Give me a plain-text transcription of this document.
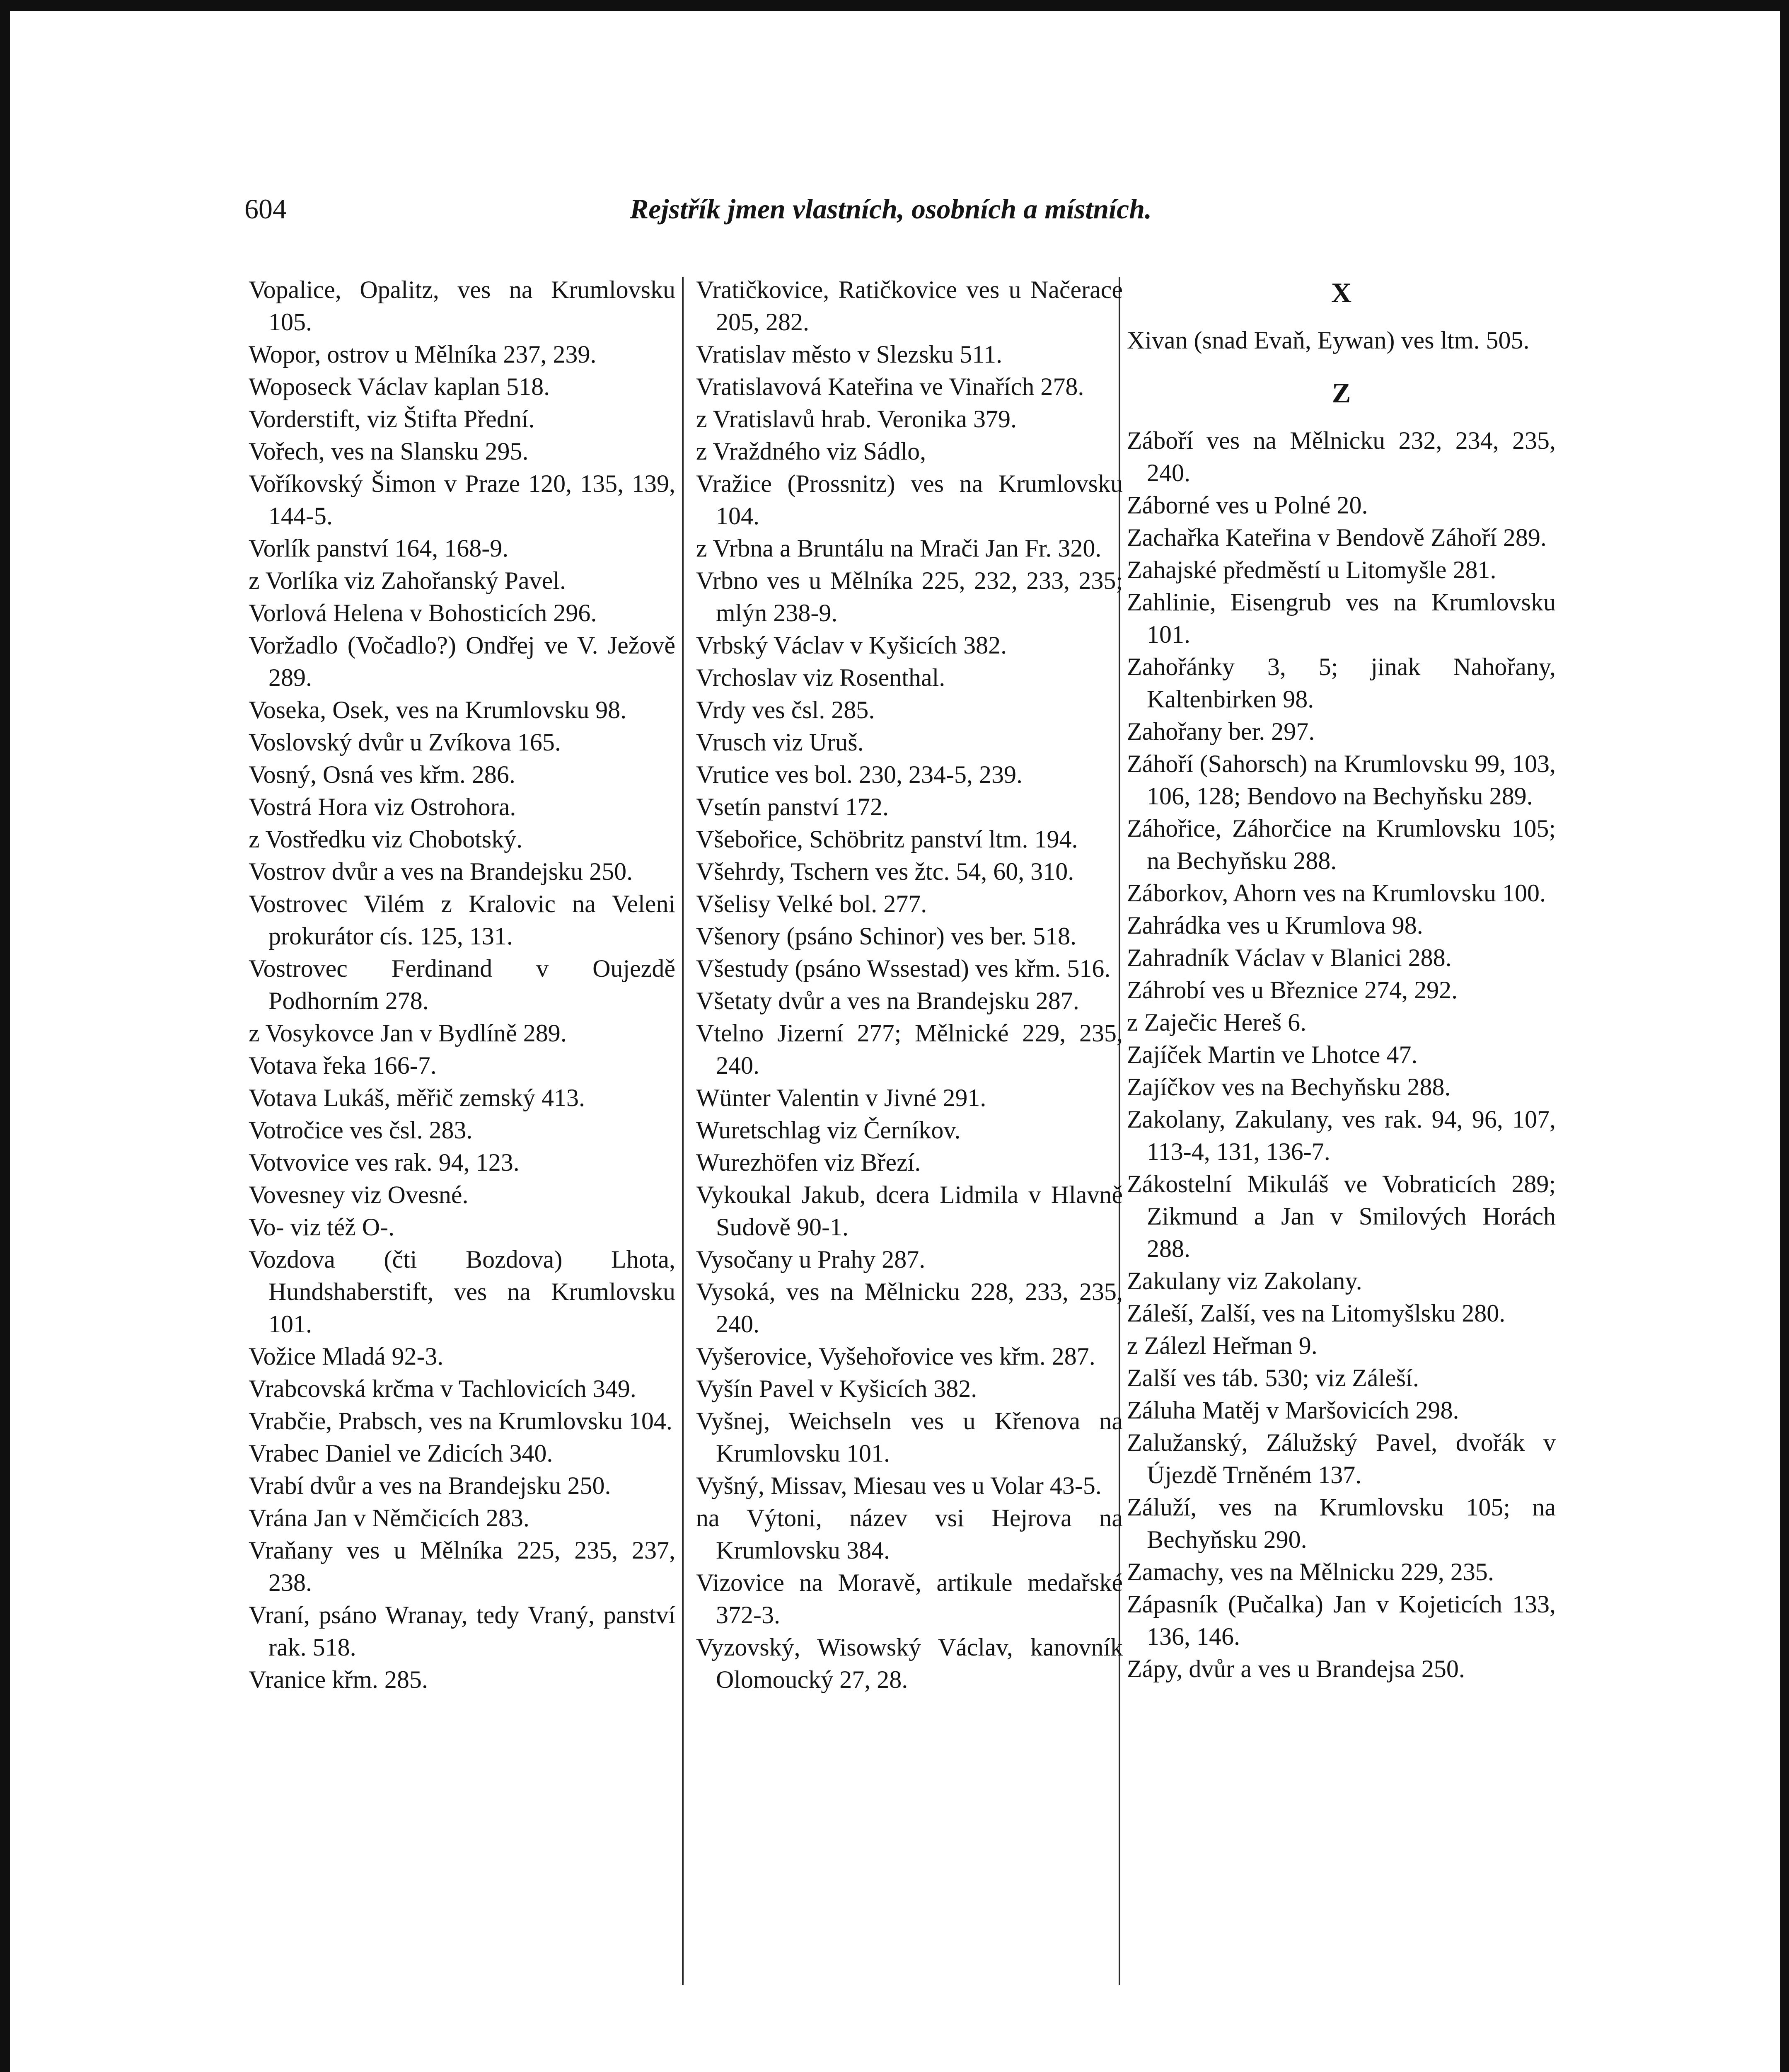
604	Rejstřík jmen vlastních, osobních a místních.

Vopalice, Opalitz, ves na Krumlovsku 105.

Wopor, ostrov u Mělníka 237, 239.

Woposeck Václav kaplan 518.

Vorderstift, viz Štifta Přední.

Vořech, ves na Slansku 295.

Voříkovský Šimon v Praze 120, 135, 139, 144-5.

Vorlík panství 164, 168-9.

z Vorlíka viz Zahořanský Pavel.

Vorlová Helena v Bohosticích 296.

Voržadlo (Vočadlo?) Ondřej ve V. Ježově 289.

Voseka, Osek, ves na Krumlovsku 98.

Voslovský dvůr u Zvíkova 165.

Vosný, Osná ves křm. 286.

Vostrá Hora viz Ostrohora.

z Vostředku viz Chobotský.

Vostrov dvůr a ves na Brandejsku 250.

Vostrovec Vilém z Kralovic na Veleni prokurátor cís. 125, 131.

Vostrovec Ferdinand v Oujezdě Podhorním 278.

z Vosykovce Jan v Bydlíně 289.

Votava řeka 166-7.

Votava Lukáš, měřič zemský 413.

Votročice ves čsl. 283.

Votvovice ves rak. 94, 123.

Vovesney viz Ovesné.

Vo- viz též O-.

Vozdova (čti Bozdova) Lhota, Hundshaberstift, ves na Krumlovsku 101.

Vožice Mladá 92-3.

Vrabcovská krčma v Tachlovicích 349.

Vrabčie, Prabsch, ves na Krumlovsku 104.

Vrabec Daniel ve Zdicích 340.

Vrabí dvůr a ves na Brandejsku 250.

Vrána Jan v Němčicích 283.

Vraňany ves u Mělníka 225, 235, 237, 238.

Vraní, psáno Wranay, tedy Vraný, panství rak. 518.

Vranice křm. 285.

Vratičkovice, Ratičkovice ves u Načerace 205, 282.

Vratislav město v Slezsku 511.

Vratislavová Kateřina ve Vinařích 278.

z Vratislavů hrab. Veronika 379.

z Vraždného viz Sádlo,

Vražice (Prossnitz) ves na Krumlovsku 104.

z Vrbna a Bruntálu na Mrači Jan Fr. 320.

Vrbno ves u Mělníka 225, 232, 233, 235; mlýn 238-9.

Vrbský Václav v Kyšicích 382.

Vrchoslav viz Rosenthal.

Vrdy ves čsl. 285.

Vrusch viz Uruš.

Vrutice ves bol. 230, 234-5, 239.

Vsetín panství 172.

Všebořice, Schöbritz panství ltm. 194.

Všehrdy, Tschern ves žtc. 54, 60, 310.

Všelisy Velké bol. 277.

Všenory (psáno Schinor) ves ber. 518.

Všestudy (psáno Wssestad) ves křm. 516.

Všetaty dvůr a ves na Brandejsku 287.

Vtelno Jizerní 277; Mělnické 229, 235, 240.

Wünter Valentin v Jivné 291.

Wuretschlag viz Černíkov.

Wurezhöfen viz Březí.

Vykoukal Jakub, dcera Lidmila v Hlavně Sudově 90-1.

Vysočany u Prahy 287.

Vysoká, ves na Mělnicku 228, 233, 235, 240.

Vyšerovice, Vyšehořovice ves křm. 287.

Vyšín Pavel v Kyšicích 382.

Vyšnej, Weichseln ves u Křenova na Krumlovsku 101.

Vyšný, Missav, Miesau ves u Volar 43-5.

na Výtoni, název vsi Hejrova na Krumlovsku 384.

Vizovice na Moravě, artikule medařské 372-3.

Vyzovský, Wisowský Václav, kanovník Olomoucký 27, 28.

X

Xivan (snad Evaň, Eywan) ves ltm. 505.

Z

Záboří ves na Mělnicku 232, 234, 235, 240.

Záborné ves u Polné 20.

Zachařka Kateřina v Bendově Záhoří 289.

Zahajské předměstí u Litomyšle 281.

Zahlinie, Eisengrub ves na Krumlovsku 101.

Zahořánky 3, 5; jinak Nahořany, Kaltenbirken 98.

Zahořany ber. 297.

Záhoří (Sahorsch) na Krumlovsku 99, 103, 106, 128; Bendovo na Bechyňsku 289.

Záhořice, Záhorčice na Krumlovsku 105; na Bechyňsku 288.

Záborkov, Ahorn ves na Krumlovsku 100.

Zahrádka ves u Krumlova 98.

Zahradník Václav v Blanici 288.

Záhrobí ves u Březnice 274, 292.

z Zaječic Hereš 6.

Zajíček Martin ve Lhotce 47.

Zajíčkov ves na Bechyňsku 288.

Zakolany, Zakulany, ves rak. 94, 96, 107, 113-4, 131, 136-7.

Zákostelní Mikuláš ve Vobraticích 289; Zikmund a Jan v Smilových Horách 288.

Zakulany viz Zakolany.

Záleší, Zalší, ves na Litomyšlsku 280.

z Zálezl Heřman 9.

Zalší ves táb. 530; viz Záleší.

Záluha Matěj v Maršovicích 298.

Zalužanský, Zálužský Pavel, dvořák v Újezdě Trněném 137.

Záluží, ves na Krumlovsku 105; na Bechyňsku 290.

Zamachy, ves na Mělnicku 229, 235.

Zápasník (Pučalka) Jan v Kojeticích 133, 136, 146.

Zápy, dvůr a ves u Brandejsa 250.
